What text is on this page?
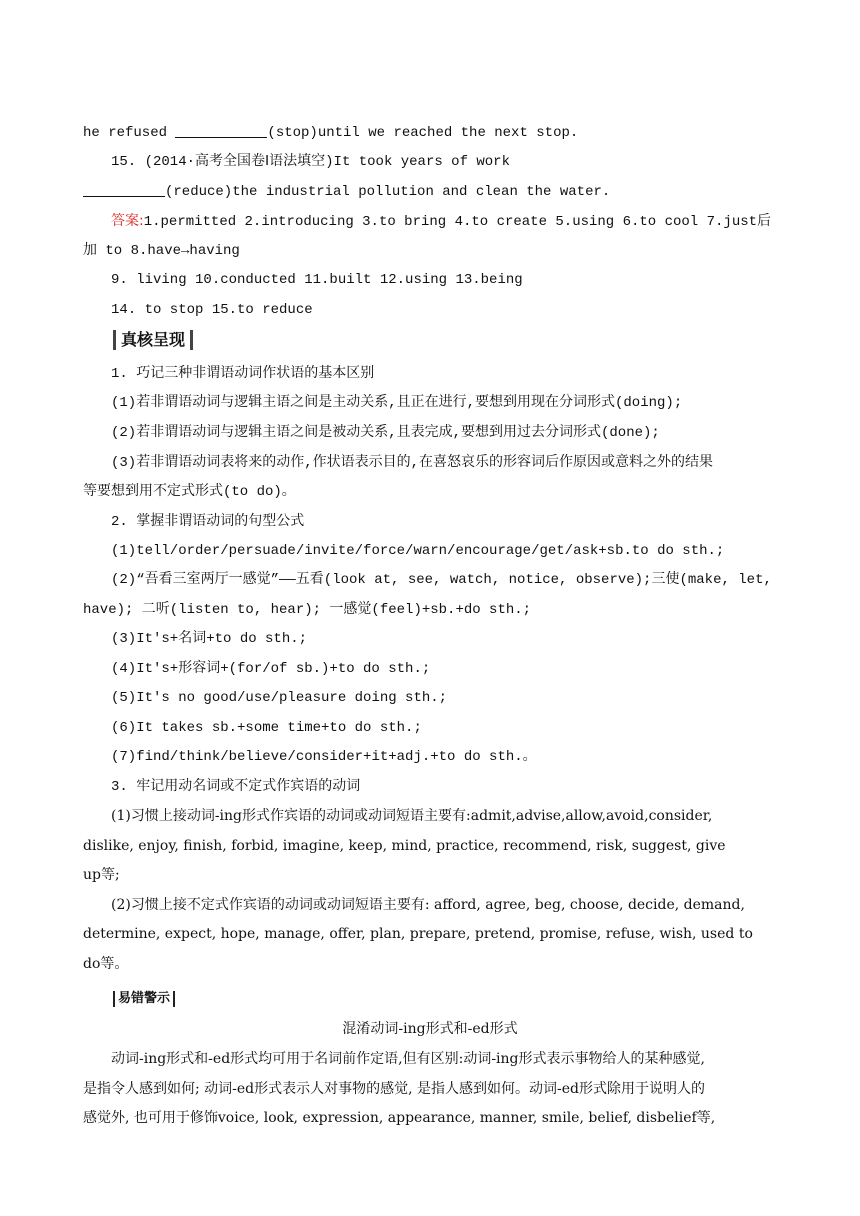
he refused	(stop)until we reached the next stop.
15. (2014·高考全国卷Ⅰ语法填空)It took years of work
(reduce)the industrial pollution and clean the water.
答案:1.permitted 2.introducing 3.to bring 4.to create 5.using 6.to cool 7.just后
加 to 8.have→having
9. living 10.conducted 11.built 12.using 13.being
14. to stop 15.to reduce
真核呈现
1. 巧记三种非谓语动词作状语的基本区别
(1)若非谓语动词与逻辑主语之间是主动关系,且正在进行,要想到用现在分词形式(doing);
(2)若非谓语动词与逻辑主语之间是被动关系,且表完成,要想到用过去分词形式(done);
(3)若非谓语动词表将来的动作,作状语表示目的,在喜怒哀乐的形容词后作原因或意料之外的结果
等要想到用不定式形式(to do)。
2. 掌握非谓语动词的句型公式
(1)tell/order/persuade/invite/force/warn/encourage/get/ask+sb.to do sth.;
(2)“吾看三室两厅一感觉”——五看(look at, see, watch, notice, observe);三使(make, let,
have); 二听(listen to, hear); 一感觉(feel)+sb.+do sth.;
(3)It's+名词+to do sth.;
(4)It's+形容词+(for/of sb.)+to do sth.;
(5)It's no good/use/pleasure doing sth.;
(6)It takes sb.+some time+to do sth.;
(7)find/think/believe/consider+it+adj.+to do sth.。
3. 牢记用动名词或不定式作宾语的动词
(1)习惯上接动词-ing形式作宾语的动词或动词短语主要有:admit,advise,allow,avoid,consider,
dislike, enjoy, finish, forbid, imagine, keep, mind, practice, recommend, risk, suggest, give
up等;
(2)习惯上接不定式作宾语的动词或动词短语主要有: afford, agree, beg, choose, decide, demand,
determine, expect, hope, manage, offer, plan, prepare, pretend, promise, refuse, wish, used to
do等。
易错警示
混淆动词-ing形式和-ed形式
动词-ing形式和-ed形式均可用于名词前作定语,但有区别:动词-ing形式表示事物给人的某种感觉,
是指令人感到如何; 动词-ed形式表示人对事物的感觉, 是指人感到如何。动词-ed形式除用于说明人的
感觉外, 也可用于修饰voice, look, expression, appearance, manner, smile, belief, disbelief等,
